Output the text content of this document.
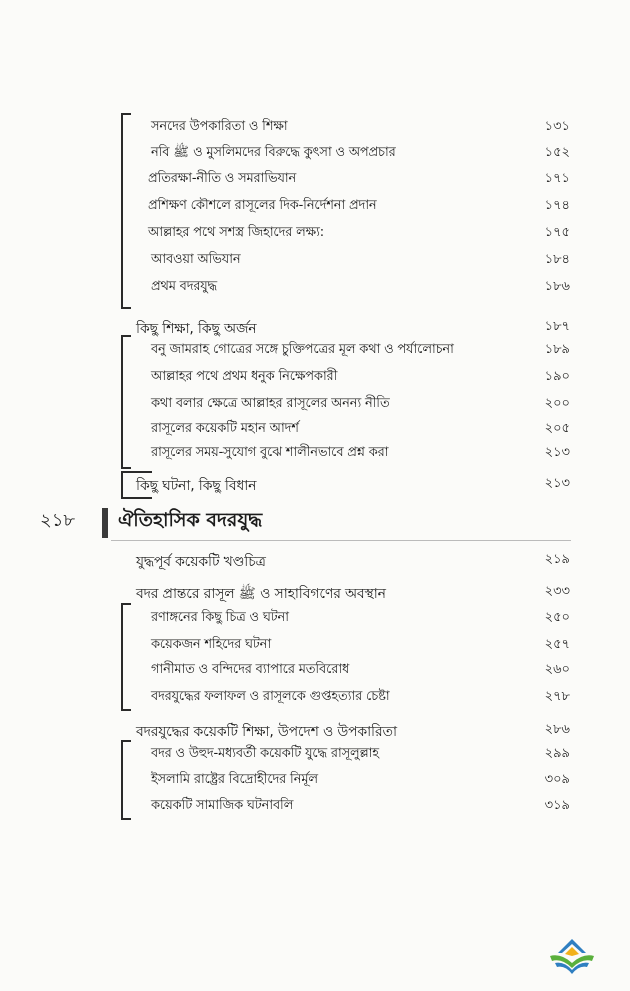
সনদের উপকারিতা ও শিক্ষা	১৩১
নবি ﷺ ও মুসলিমদের বিরুদ্ধে কুৎসা ও অপপ্রচার	১৫২
প্রতিরক্ষা-নীতি ও সমরাভিযান	১৭১
প্রশিক্ষণ কৌশলে রাসূলের দিক-নির্দেশনা প্রদান	১৭৪
আল্লাহর পথে সশস্ত্র জিহাদের লক্ষ্য:	১৭৫
আবওয়া অভিযান	১৮৪
প্রথম বদরযুদ্ধ	১৮৬
কিছু শিক্ষা, কিছু অর্জন	১৮৭
বনু জামরাহ গোত্রের সঙ্গে চুক্তিপত্রের মূল কথা ও পর্যালোচনা	১৮৯
আল্লাহর পথে প্রথম ধনুক নিক্ষেপকারী	১৯০
কথা বলার ক্ষেত্রে আল্লাহর রাসূলের অনন্য নীতি	২০০
রাসূলের কয়েকটি মহান আদর্শ	২০৫
রাসূলের সময়-সুযোগ বুঝে শালীনভাবে প্রশ্ন করা	২১৩
কিছু ঘটনা, কিছু বিধান	২১৩
২১৮ ঐতিহাসিক বদরযুদ্ধ
যুদ্ধপূর্ব কয়েকটি খণ্ডচিত্র	২১৯
বদর প্রান্তরে রাসূল ﷺ ও সাহাবিগণের অবস্থান	২৩৩
রণাঙ্গনের কিছু চিত্র ও ঘটনা	২৫০
কয়েকজন শহিদের ঘটনা	২৫৭
গানীমাত ও বন্দিদের ব্যাপারে মতবিরোধ	২৬০
বদরযুদ্ধের ফলাফল ও রাসূলকে গুপ্তহত্যার চেষ্টা	২৭৮
বদরযুদ্ধের কয়েকটি শিক্ষা, উপদেশ ও উপকারিতা	২৮৬
বদর ও উহুদ-মধ্যবর্তী কয়েকটি যুদ্ধে রাসূলুল্লাহ	২৯৯
ইসলামি রাষ্ট্রের বিদ্রোহীদের নির্মূল	৩০৯
কয়েকটি সামাজিক ঘটনাবলি	৩১৯
